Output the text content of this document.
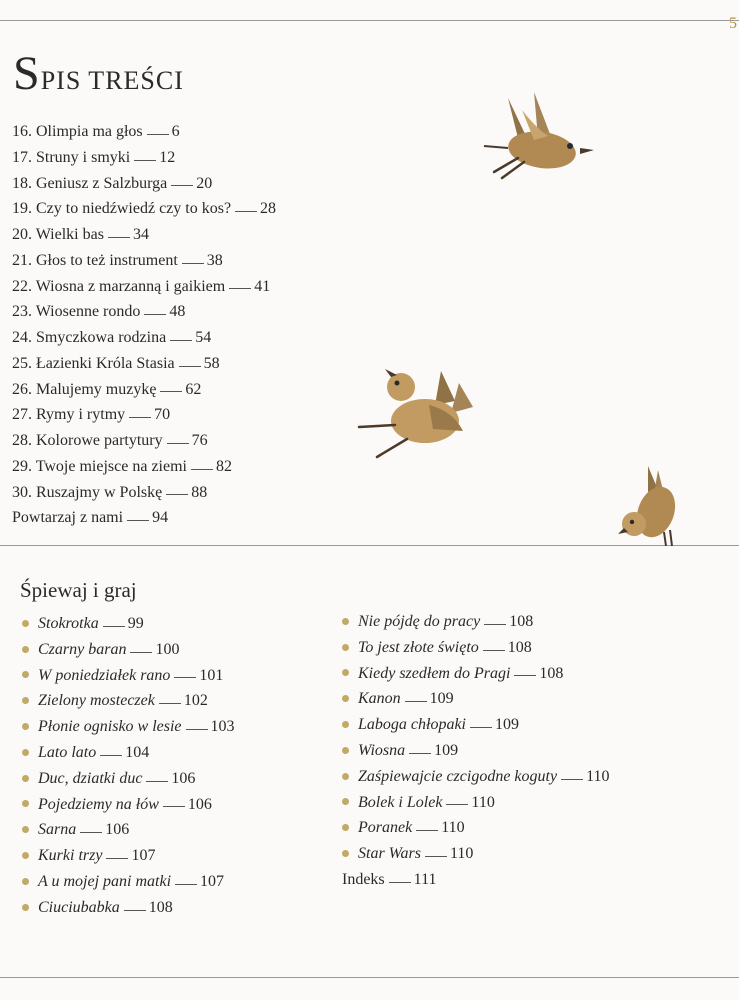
5
SPIS TREŚCI
16. Olimpia ma głos 6
17. Struny i smyki 12
18. Geniusz z Salzburga 20
19. Czy to niedźwiedź czy to kos? 28
20. Wielki bas 34
21. Głos to też instrument 38
22. Wiosna z marzanną i gaikiem 41
23. Wiosenne rondo 48
24. Smyczkowa rodzina 54
25. Łazienki Króla Stasia 58
26. Malujemy muzykę 62
27. Rymy i rytmy 70
28. Kolorowe partytury 76
29. Twoje miejsce na ziemi 82
30. Ruszajmy w Polskę 88
Powtarzaj z nami 94
Śpiewaj i graj
Stokrotka 99
Czarny baran 100
W poniedziałek rano 101
Zielony mosteczek 102
Płonie ognisko w lesie 103
Lato lato 104
Duc, dziatki duc 106
Pojedziemy na łów 106
Sarna 106
Kurki trzy 107
A u mojej pani matki 107
Ciuciubabka 108
Nie pójdę do pracy 108
To jest złote święto 108
Kiedy szedłem do Pragi 108
Kanon 109
Laboga chłopaki 109
Wiosna 109
Zaśpiewajcie czcigodne koguty 110
Bolek i Lolek 110
Poranek 110
Star Wars 110
Indeks 111
